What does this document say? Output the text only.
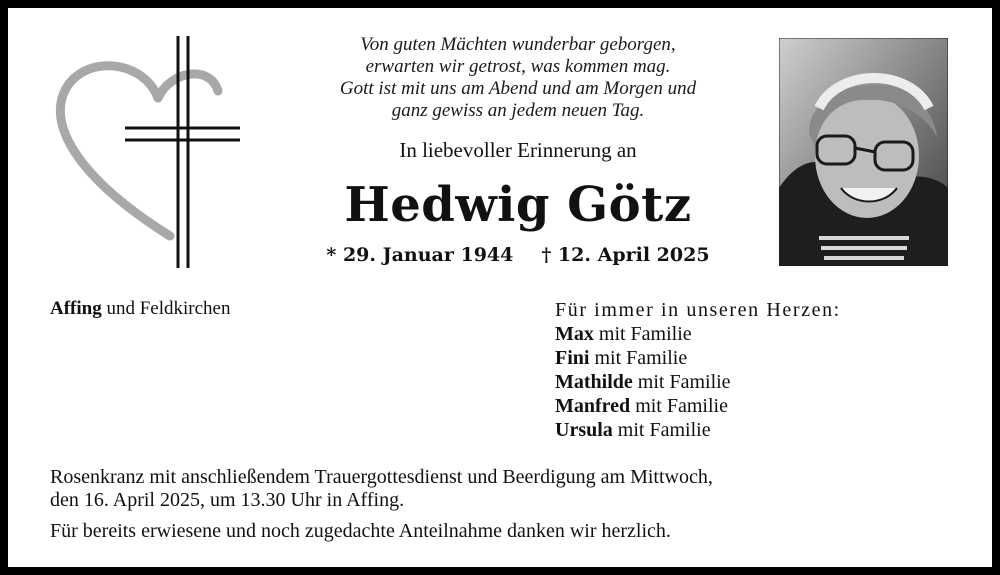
Von guten Mächten wunderbar geborgen,
erwarten wir getrost, was kommen mag.
Gott ist mit uns am Abend und am Morgen und
ganz gewiss an jedem neuen Tag.
In liebevoller Erinnerung an
Hedwig Götz
* 29. Januar 1944 † 12. April 2025
Affing und Feldkirchen	Für immer in unseren Herzen:
Max mit Familie
Fini mit Familie
Mathilde mit Familie
Manfred mit Familie
Ursula mit Familie
Rosenkranz mit anschließendem Trauergottesdienst und Beerdigung am Mittwoch,
den 16. April 2025, um 13.30 Uhr in Affing.
Für bereits erwiesene und noch zugedachte Anteilnahme danken wir herzlich.
